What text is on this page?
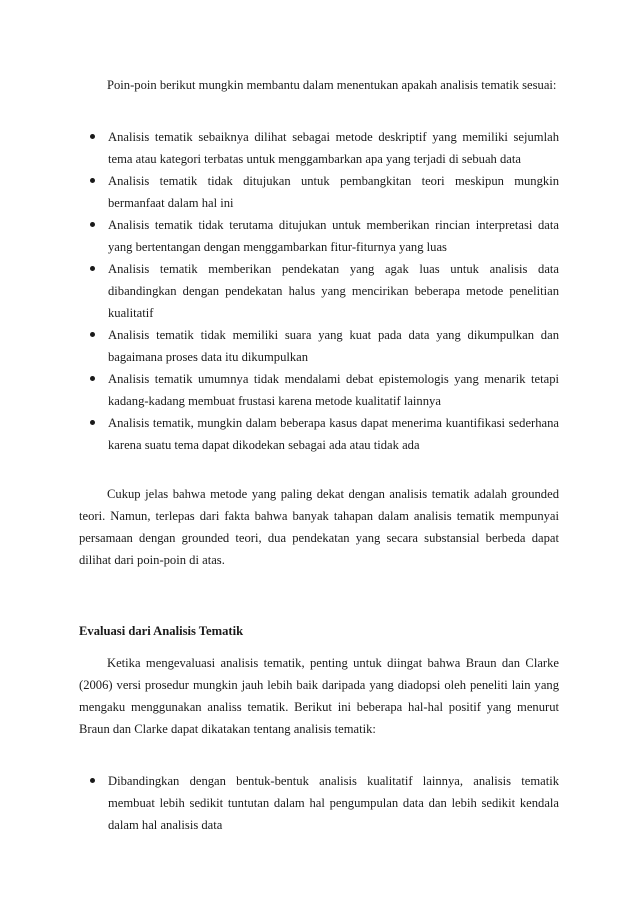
Poin-poin berikut mungkin membantu dalam menentukan apakah analisis tematik sesuai:

Analisis tematik sebaiknya dilihat sebagai metode deskriptif yang memiliki sejumlah tema atau kategori terbatas untuk menggambarkan apa yang terjadi di sebuah data
Analisis tematik tidak ditujukan untuk pembangkitan teori meskipun mungkin bermanfaat dalam hal ini
Analisis tematik tidak terutama ditujukan untuk memberikan rincian interpretasi data yang bertentangan dengan menggambarkan fitur-fiturnya yang luas
Analisis tematik memberikan pendekatan yang agak luas untuk analisis data dibandingkan dengan pendekatan halus yang mencirikan beberapa metode penelitian kualitatif
Analisis tematik tidak memiliki suara yang kuat pada data yang dikumpulkan dan bagaimana proses data itu dikumpulkan
Analisis tematik umumnya tidak mendalami debat epistemologis yang menarik tetapi kadang-kadang membuat frustasi karena metode kualitatif lainnya
Analisis tematik, mungkin dalam beberapa kasus dapat menerima kuantifikasi sederhana karena suatu tema dapat dikodekan sebagai ada atau tidak ada

Cukup jelas bahwa metode yang paling dekat dengan analisis tematik adalah grounded teori. Namun, terlepas dari fakta bahwa banyak tahapan dalam analisis tematik mempunyai persamaan dengan grounded teori, dua pendekatan yang secara substansial berbeda dapat dilihat dari poin-poin di atas.

Evaluasi dari Analisis Tematik

Ketika mengevaluasi analisis tematik, penting untuk diingat bahwa Braun dan Clarke (2006) versi prosedur mungkin jauh lebih baik daripada yang diadopsi oleh peneliti lain yang mengaku menggunakan analiss tematik. Berikut ini beberapa hal-hal positif yang menurut Braun dan Clarke dapat dikatakan tentang analisis tematik:

Dibandingkan dengan bentuk-bentuk analisis kualitatif lainnya, analisis tematik membuat lebih sedikit tuntutan dalam hal pengumpulan data dan lebih sedikit kendala dalam hal analisis data
